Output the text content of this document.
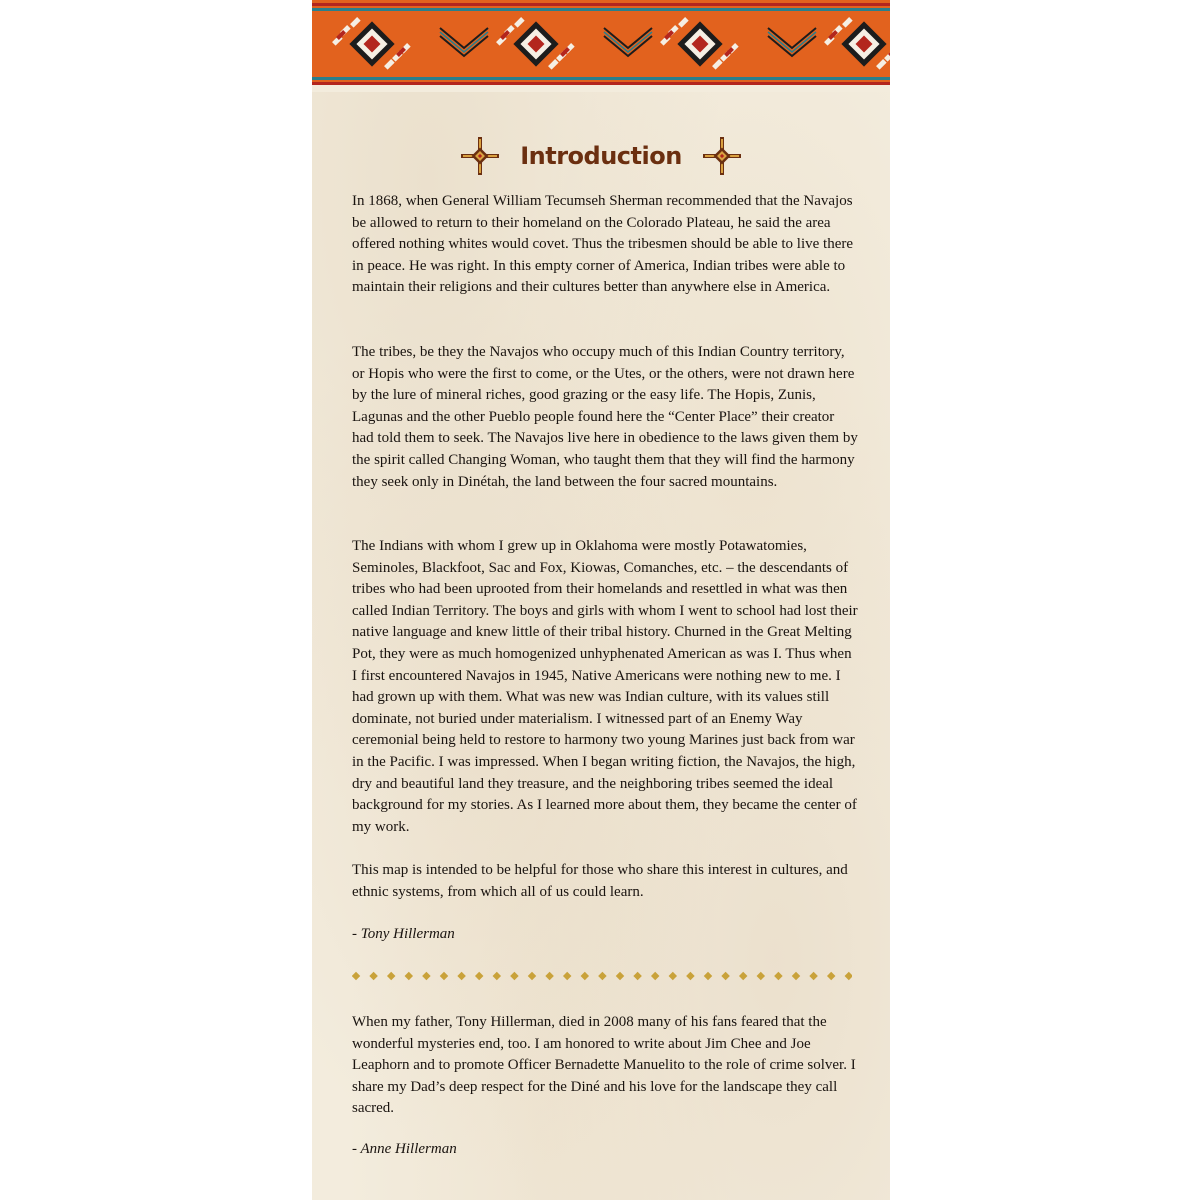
Introduction

In 1868, when General William Tecumseh Sherman recommended that the Navajos be allowed to return to their homeland on the Colorado Plateau, he said the area offered nothing whites would covet. Thus the tribesmen should be able to live there in peace. He was right. In this empty corner of America, Indian tribes were able to maintain their religions and their cultures better than anywhere else in America.

The tribes, be they the Navajos who occupy much of this Indian Country territory, or Hopis who were the first to come, or the Utes, or the others, were not drawn here by the lure of mineral riches, good grazing or the easy life. The Hopis, Zunis, Lagunas and the other Pueblo people found here the “Center Place” their creator had told them to seek. The Navajos live here in obedience to the laws given them by the spirit called Changing Woman, who taught them that they will find the harmony they seek only in Dinétah, the land between the four sacred mountains.

The Indians with whom I grew up in Oklahoma were mostly Potawatomies, Seminoles, Blackfoot, Sac and Fox, Kiowas, Comanches, etc. – the descendants of tribes who had been uprooted from their homelands and resettled in what was then called Indian Territory. The boys and girls with whom I went to school had lost their native language and knew little of their tribal history. Churned in the Great Melting Pot, they were as much homogenized unhyphenated American as was I. Thus when I first encountered Navajos in 1945, Native Americans were nothing new to me. I had grown up with them. What was new was Indian culture, with its values still dominate, not buried under materialism. I witnessed part of an Enemy Way ceremonial being held to restore to harmony two young Marines just back from war in the Pacific. I was impressed. When I began writing fiction, the Navajos, the high, dry and beautiful land they treasure, and the neighboring tribes seemed the ideal background for my stories. As I learned more about them, they became the center of my work.

This map is intended to be helpful for those who share this interest in cultures, and ethnic systems, from which all of us could learn.

- Tony Hillerman

When my father, Tony Hillerman, died in 2008 many of his fans feared that the wonderful mysteries end, too. I am honored to write about Jim Chee and Joe Leaphorn and to promote Officer Bernadette Manuelito to the role of crime solver. I share my Dad’s deep respect for the Diné and his love for the landscape they call sacred.

- Anne Hillerman
